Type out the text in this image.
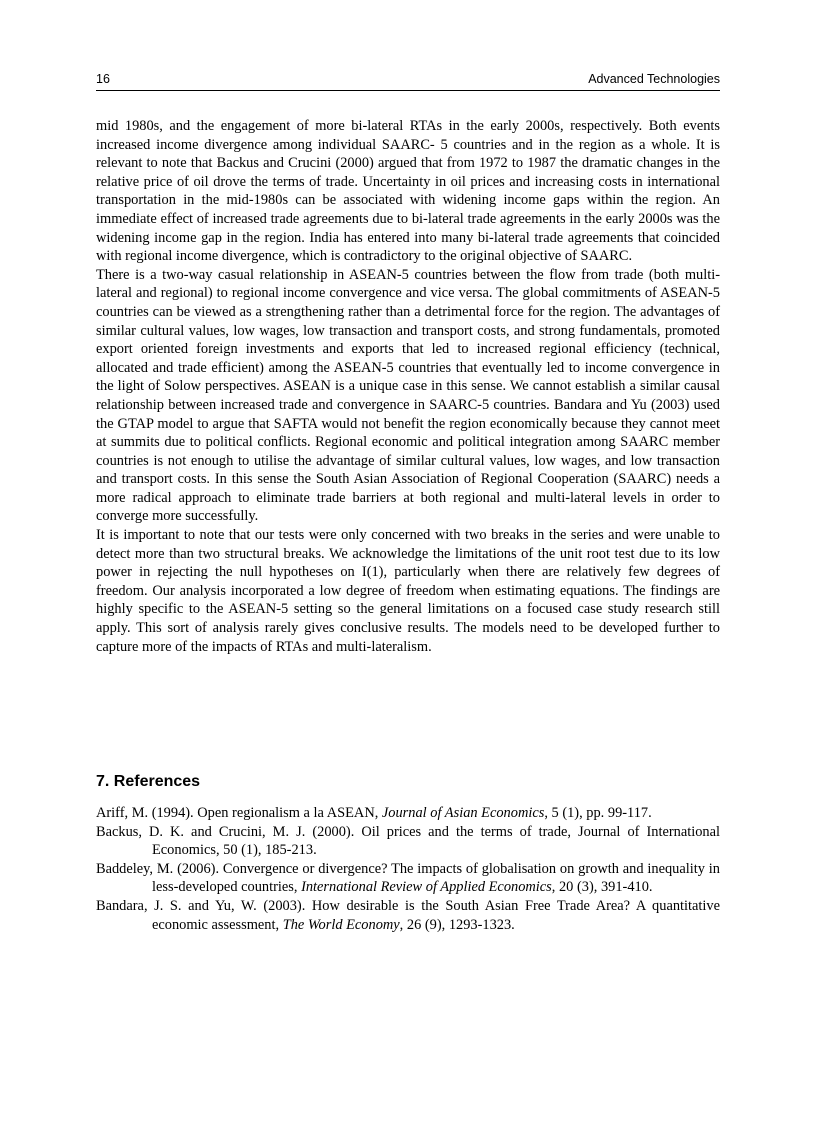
16	Advanced Technologies

mid 1980s, and the engagement of more bi-lateral RTAs in the early 2000s, respectively. Both events increased income divergence among individual SAARC- 5 countries and in the region as a whole. It is relevant to note that Backus and Crucini (2000) argued that from 1972 to 1987 the dramatic changes in the relative price of oil drove the terms of trade. Uncertainty in oil prices and increasing costs in international transportation in the mid-1980s can be associated with widening income gaps within the region. An immediate effect of increased trade agreements due to bi-lateral trade agreements in the early 2000s was the widening income gap in the region. India has entered into many bi-lateral trade agreements that coincided with regional income divergence, which is contradictory to the original objective of SAARC.

There is a two-way casual relationship in ASEAN-5 countries between the flow from trade (both multi-lateral and regional) to regional income convergence and vice versa. The global commitments of ASEAN-5 countries can be viewed as a strengthening rather than a detrimental force for the region. The advantages of similar cultural values, low wages, low transaction and transport costs, and strong fundamentals, promoted export oriented foreign investments and exports that led to increased regional efficiency (technical, allocated and trade efficient) among the ASEAN-5 countries that eventually led to income convergence in the light of Solow perspectives. ASEAN is a unique case in this sense. We cannot establish a similar causal relationship between increased trade and convergence in SAARC-5 countries. Bandara and Yu (2003) used the GTAP model to argue that SAFTA would not benefit the region economically because they cannot meet at summits due to political conflicts. Regional economic and political integration among SAARC member countries is not enough to utilise the advantage of similar cultural values, low wages, and low transaction and transport costs. In this sense the South Asian Association of Regional Cooperation (SAARC) needs a more radical approach to eliminate trade barriers at both regional and multi-lateral levels in order to converge more successfully.

It is important to note that our tests were only concerned with two breaks in the series and were unable to detect more than two structural breaks. We acknowledge the limitations of the unit root test due to its low power in rejecting the null hypotheses on I(1), particularly when there are relatively few degrees of freedom. Our analysis incorporated a low degree of freedom when estimating equations. The findings are highly specific to the ASEAN-5 setting so the general limitations on a focused case study research still apply. This sort of analysis rarely gives conclusive results. The models need to be developed further to capture more of the impacts of RTAs and multi-lateralism.

7. References
Ariff, M. (1994). Open regionalism a la ASEAN, Journal of Asian Economics, 5 (1), pp. 99-117.
Backus, D. K. and Crucini, M. J. (2000). Oil prices and the terms of trade, Journal of International Economics, 50 (1), 185-213.
Baddeley, M. (2006). Convergence or divergence? The impacts of globalisation on growth and inequality in less-developed countries, International Review of Applied Economics, 20 (3), 391-410.
Bandara, J. S. and Yu, W. (2003). How desirable is the South Asian Free Trade Area? A quantitative economic assessment, The World Economy, 26 (9), 1293-1323.
